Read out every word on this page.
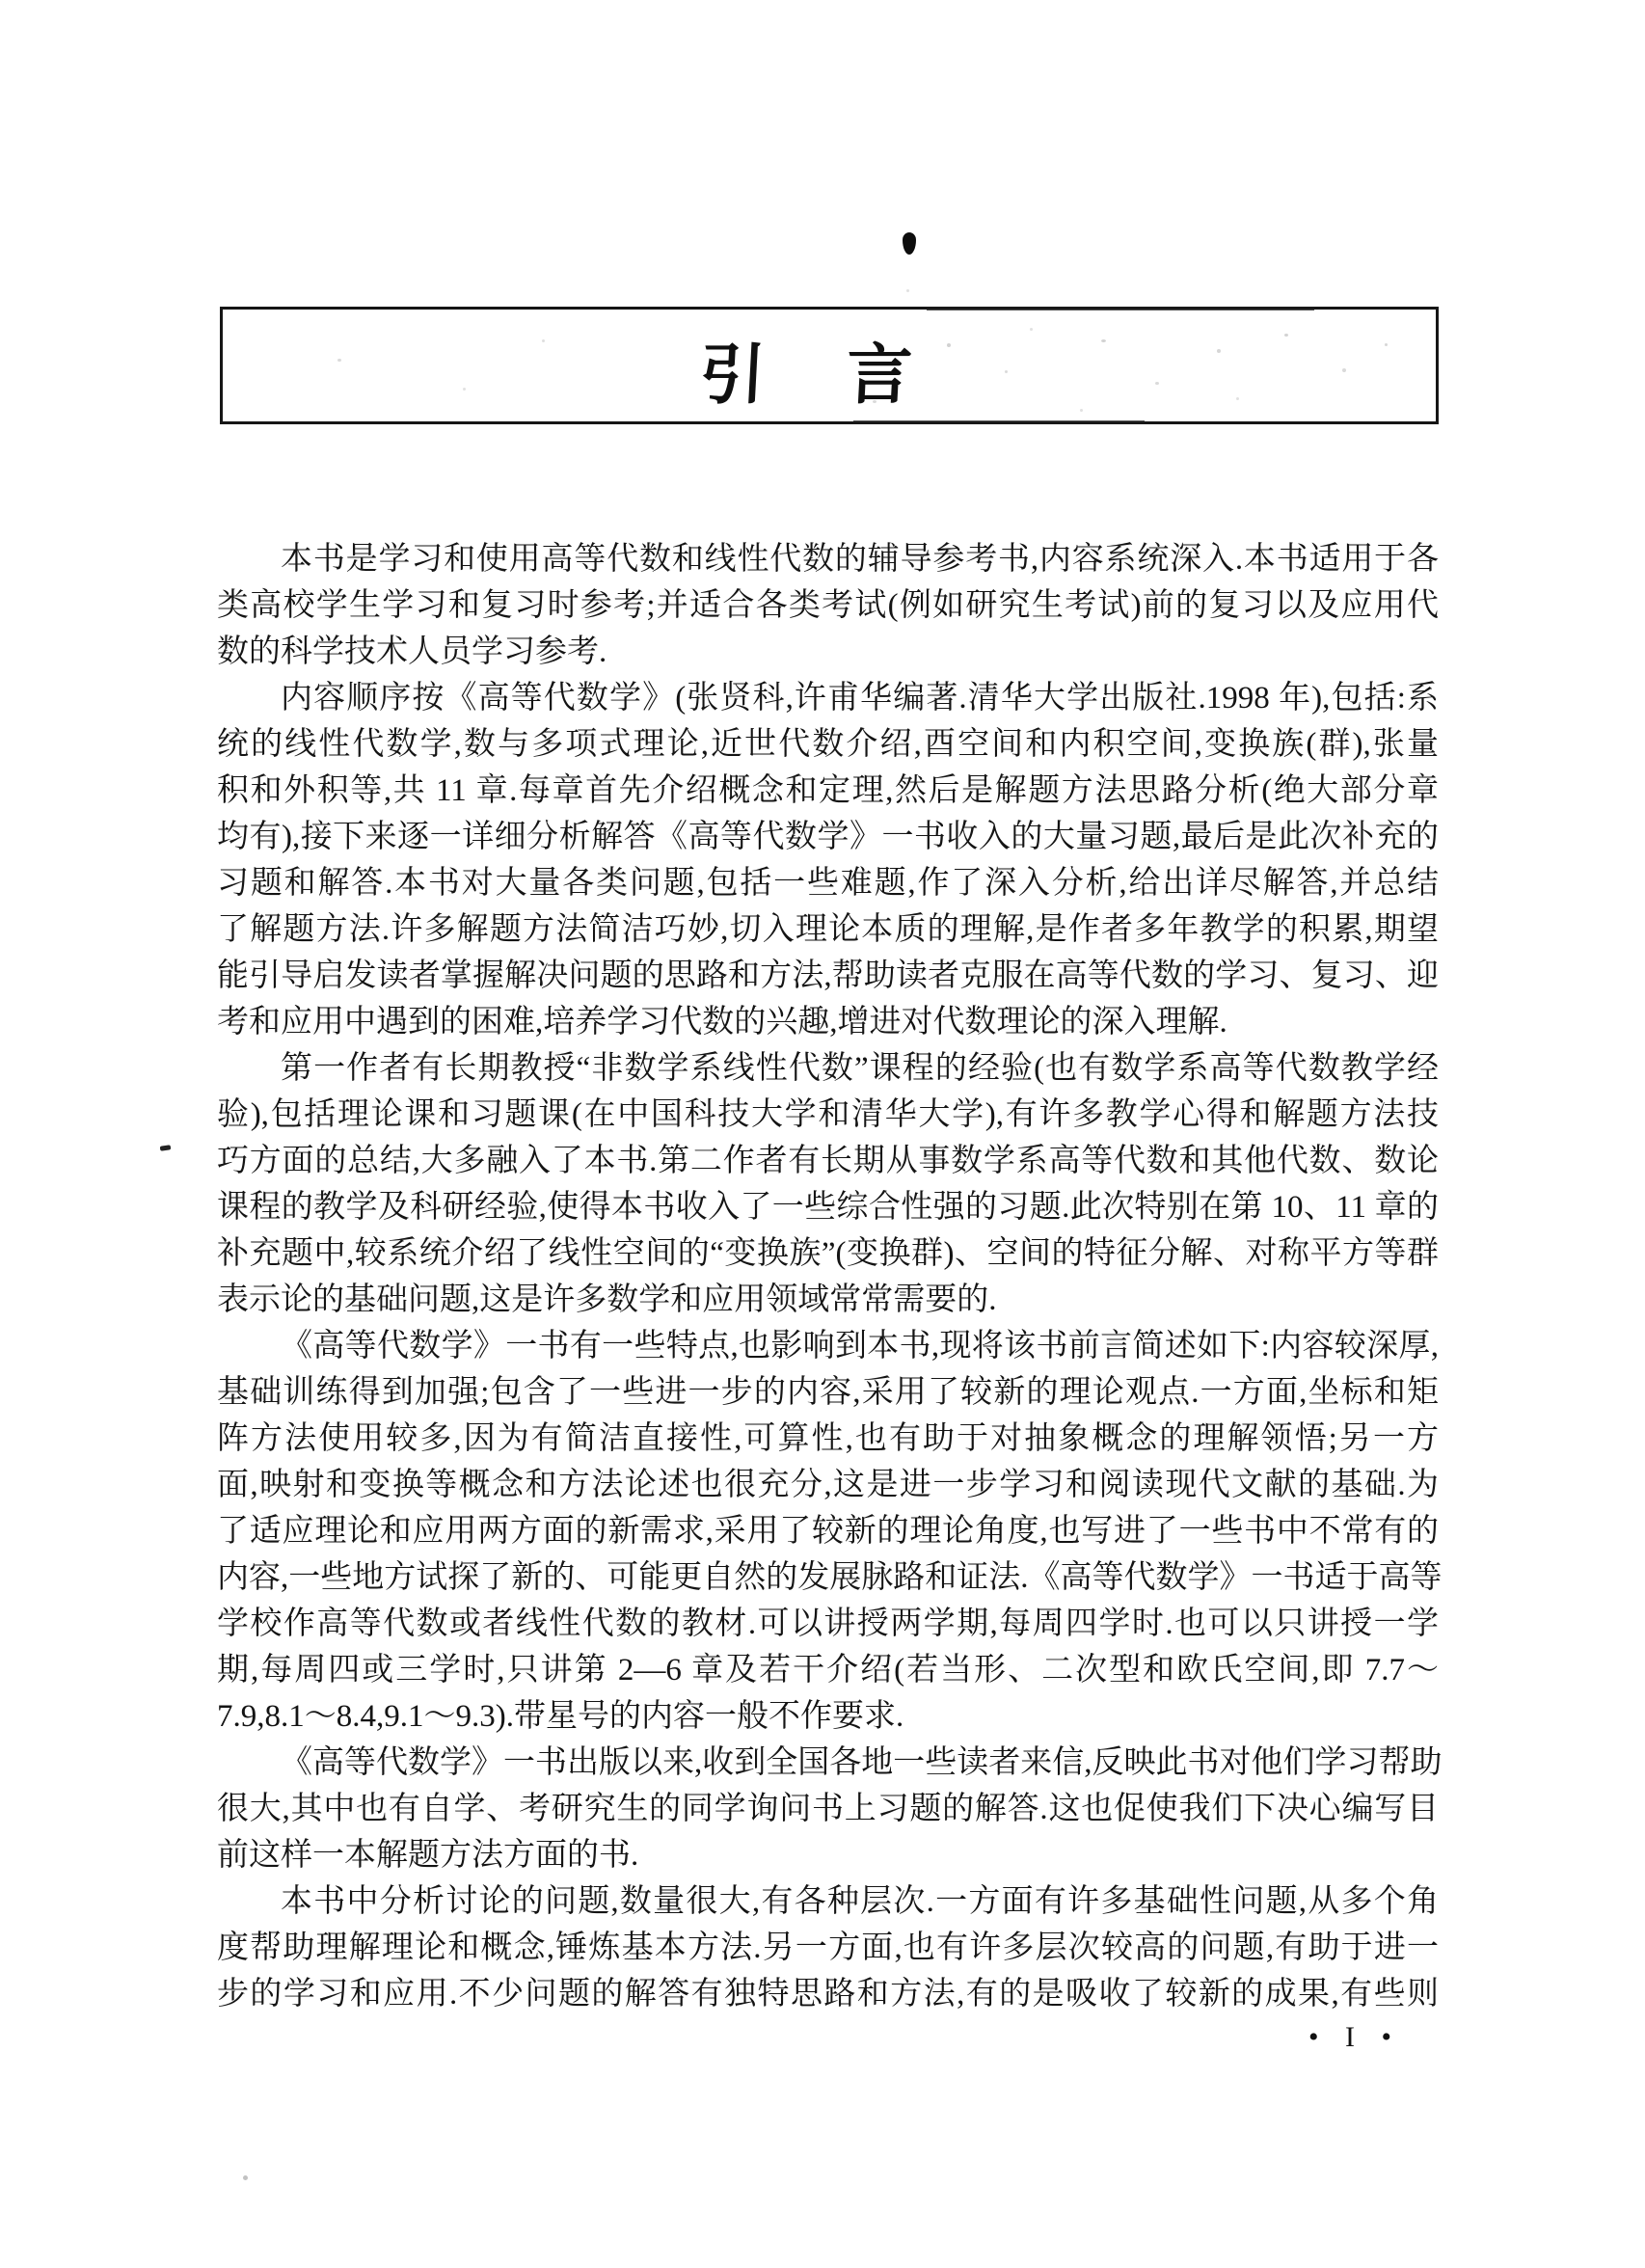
引　言
本书是学习和使用高等代数和线性代数的辅导参考书,内容系统深入.本书适用于各
类高校学生学习和复习时参考;并适合各类考试(例如研究生考试)前的复习以及应用代
数的科学技术人员学习参考.
内容顺序按《高等代数学》(张贤科,许甫华编著.清华大学出版社.1998 年),包括:系
统的线性代数学,数与多项式理论,近世代数介绍,酉空间和内积空间,变换族(群),张量
积和外积等,共 11 章.每章首先介绍概念和定理,然后是解题方法思路分析(绝大部分章
均有),接下来逐一详细分析解答《高等代数学》一书收入的大量习题,最后是此次补充的
习题和解答.本书对大量各类问题,包括一些难题,作了深入分析,给出详尽解答,并总结
了解题方法.许多解题方法简洁巧妙,切入理论本质的理解,是作者多年教学的积累,期望
能引导启发读者掌握解决问题的思路和方法,帮助读者克服在高等代数的学习、复习、迎
考和应用中遇到的困难,培养学习代数的兴趣,增进对代数理论的深入理解.
第一作者有长期教授“非数学系线性代数”课程的经验(也有数学系高等代数教学经
验),包括理论课和习题课(在中国科技大学和清华大学),有许多教学心得和解题方法技
巧方面的总结,大多融入了本书.第二作者有长期从事数学系高等代数和其他代数、数论
课程的教学及科研经验,使得本书收入了一些综合性强的习题.此次特别在第 10、11 章的
补充题中,较系统介绍了线性空间的“变换族”(变换群)、空间的特征分解、对称平方等群
表示论的基础问题,这是许多数学和应用领域常常需要的.
《高等代数学》一书有一些特点,也影响到本书,现将该书前言简述如下:内容较深厚,
基础训练得到加强;包含了一些进一步的内容,采用了较新的理论观点.一方面,坐标和矩
阵方法使用较多,因为有简洁直接性,可算性,也有助于对抽象概念的理解领悟;另一方
面,映射和变换等概念和方法论述也很充分,这是进一步学习和阅读现代文献的基础.为
了适应理论和应用两方面的新需求,采用了较新的理论角度,也写进了一些书中不常有的
内容,一些地方试探了新的、可能更自然的发展脉路和证法.《高等代数学》一书适于高等
学校作高等代数或者线性代数的教材.可以讲授两学期,每周四学时.也可以只讲授一学
期,每周四或三学时,只讲第 2—6 章及若干介绍(若当形、二次型和欧氏空间,即 7.7～
7.9,8.1～8.4,9.1～9.3).带星号的内容一般不作要求.
《高等代数学》一书出版以来,收到全国各地一些读者来信,反映此书对他们学习帮助
很大,其中也有自学、考研究生的同学询问书上习题的解答.这也促使我们下决心编写目
前这样一本解题方法方面的书.
本书中分析讨论的问题,数量很大,有各种层次.一方面有许多基础性问题,从多个角
度帮助理解理论和概念,锤炼基本方法.另一方面,也有许多层次较高的问题,有助于进一
步的学习和应用.不少问题的解答有独特思路和方法,有的是吸收了较新的成果,有些则
• I •
